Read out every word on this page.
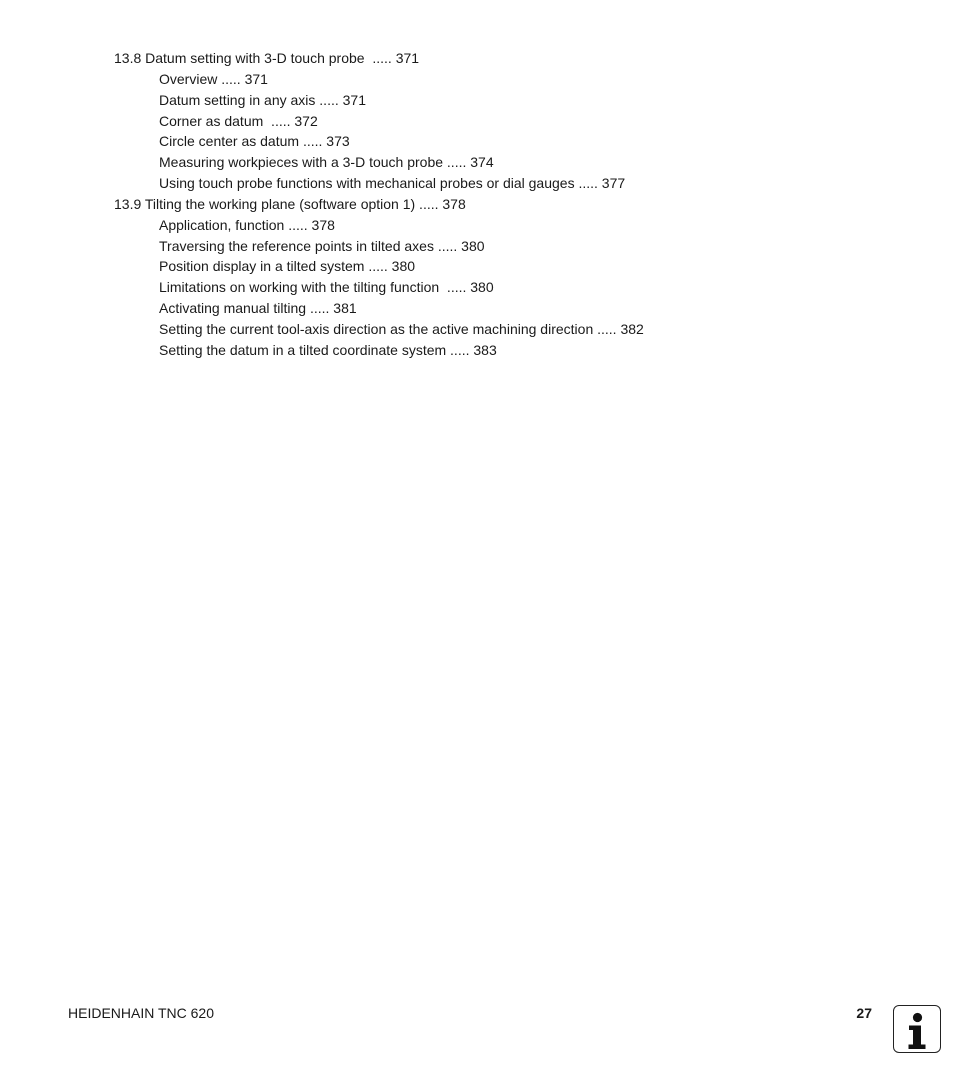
13.8 Datum setting with 3-D touch probe  ..... 371
Overview ..... 371
Datum setting in any axis ..... 371
Corner as datum  ..... 372
Circle center as datum ..... 373
Measuring workpieces with a 3-D touch probe ..... 374
Using touch probe functions with mechanical probes or dial gauges ..... 377
13.9 Tilting the working plane (software option 1) ..... 378
Application, function ..... 378
Traversing the reference points in tilted axes ..... 380
Position display in a tilted system ..... 380
Limitations on working with the tilting function  ..... 380
Activating manual tilting ..... 381
Setting the current tool-axis direction as the active machining direction ..... 382
Setting the datum in a tilted coordinate system ..... 383
HEIDENHAIN TNC 620	27
